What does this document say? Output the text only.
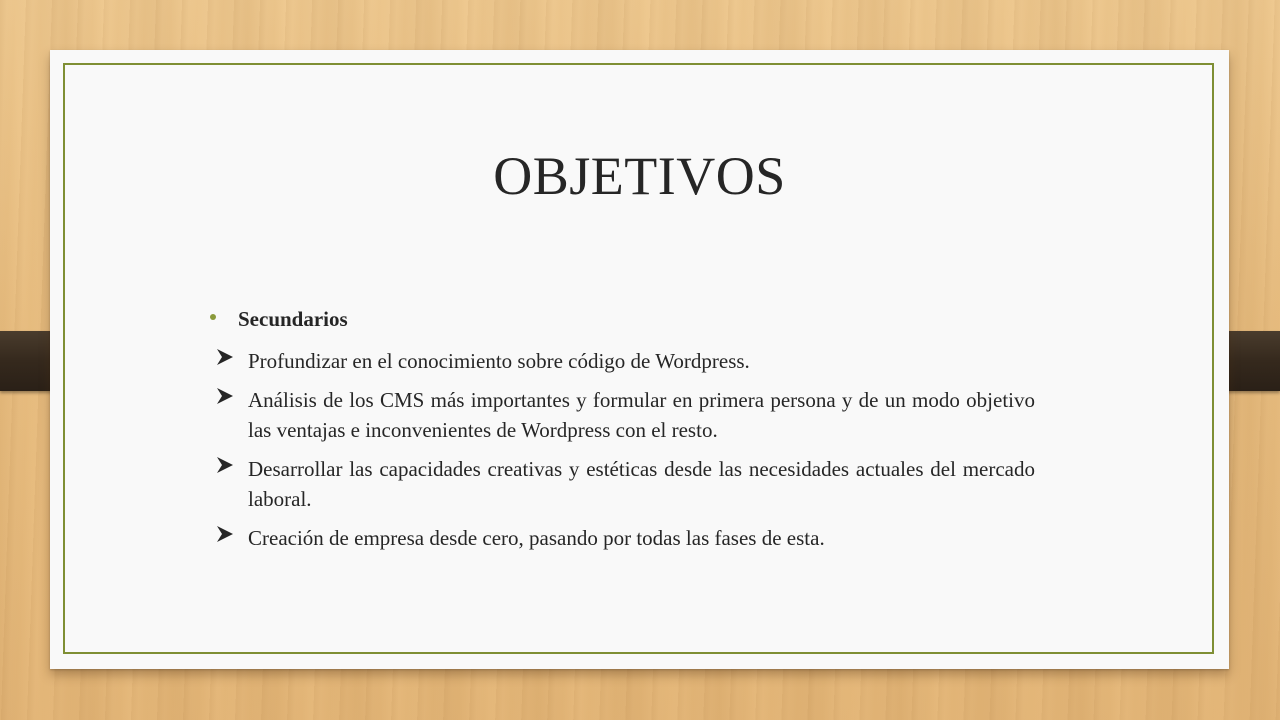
OBJETIVOS
Secundarios
Profundizar en el conocimiento sobre código de Wordpress.
Análisis de los CMS más importantes y formular en primera persona y de un modo objetivo las ventajas e inconvenientes de Wordpress con el resto.
Desarrollar las capacidades creativas y estéticas desde las necesidades actuales del mercado laboral.
Creación de empresa desde cero, pasando por todas las fases de esta.
